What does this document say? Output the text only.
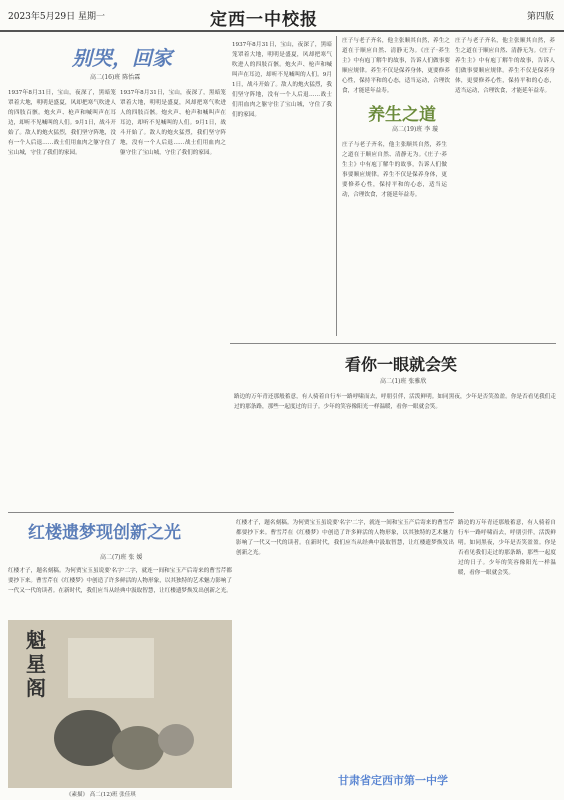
2023年5月29日 星期一	定西一中校报	第四版
别哭，回家
高二(16)班 陈怡霖
1937年8月31日，宝山，夜深了，黑暗笼罩着大地，明明是盛夏，风却把寒气吹进人的四肢百骸。炮火声、枪声和喊叫声在耳边，却听不见喊叫的人们。9月1日，战斗开始了。敌人的炮火猛烈，我们坚守阵地，没有一个人后退……战士们用血肉之躯守住了宝山城，守住了我们的家园。
1937年8月31日，宝山，夜深了，黑暗笼罩着大地，明明是盛夏，风却把寒气吹进人的四肢百骸。炮火声、枪声和喊叫声在耳边，却听不见喊叫的人们。9月1日，战斗开始了。敌人的炮火猛烈，我们坚守阵地，没有一个人后退……战士们用血肉之躯守住了宝山城，守住了我们的家园。
1937年8月31日，宝山，夜深了，黑暗笼罩着大地，明明是盛夏，风却把寒气吹进人的四肢百骸。炮火声、枪声和喊叫声在耳边，却听不见喊叫的人们。9月1日，战斗开始了。敌人的炮火猛烈，我们坚守阵地，没有一个人后退……战士们用血肉之躯守住了宝山城，守住了我们的家园。
庄子与老子齐名，他主张顺其自然，养生之道在于顺应自然、清静无为。《庄子·养生主》中有庖丁解牛的故事，告诉人们做事要顺应规律。养生不仅是保养身体，更要修养心性，保持平和的心态，适当运动，合理饮食，才能延年益寿。
养生之道
高二(19)班 李 璇
庄子与老子齐名，他主张顺其自然，养生之道在于顺应自然、清静无为。《庄子·养生主》中有庖丁解牛的故事，告诉人们做事要顺应规律。养生不仅是保养身体，更要修养心性，保持平和的心态，适当运动，合理饮食，才能延年益寿。
庄子与老子齐名，他主张顺其自然，养生之道在于顺应自然、清静无为。《庄子·养生主》中有庖丁解牛的故事，告诉人们做事要顺应规律。养生不仅是保养身体，更要修养心性，保持平和的心态，适当运动，合理饮食，才能延年益寿。
看你一眼就会笑
高二(1)班 张雅欣
路边的万年青还那般蓄意，有人骑着自行车一路呼啸而去，呼朋引伴，活泼鲜明。如同黑夜，少年是否笑盈盈。你是否看见我们走过的那条路，那些一起度过的日子。少年的笑容像阳光一样温暖，看你一眼就会笑。
路边的万年青还那般蓄意，有人骑着自行车一路呼啸而去，呼朋引伴，活泼鲜明。如同黑夜，少年是否笑盈盈。你是否看见我们走过的那条路，那些一起度过的日子。少年的笑容像阳光一样温暖，看你一眼就会笑。
红楼遗梦现创新之光
高二(7)班 张 媛
红楼才子，题名刻稿。为何贾宝玉虽说要'名字'二字，就连一间和宝玉产后寄来的曹雪芹都要抄下来。曹雪芹在《红楼梦》中创造了许多鲜活的人物形象，以其独特的艺术魅力影响了一代又一代的读者。在新时代，我们应当从经典中汲取智慧，让红楼遗梦焕发出创新之光。
红楼才子，题名刻稿。为何贾宝玉虽说要'名字'二字，就连一间和宝玉产后寄来的曹雪芹都要抄下来。曹雪芹在《红楼梦》中创造了许多鲜活的人物形象，以其独特的艺术魅力影响了一代又一代的读者。在新时代，我们应当从经典中汲取智慧，让红楼遗梦焕发出创新之光。
魁星阁
《素描》 高二(12)班 张佳琪
甘肃省定西市第一中学
